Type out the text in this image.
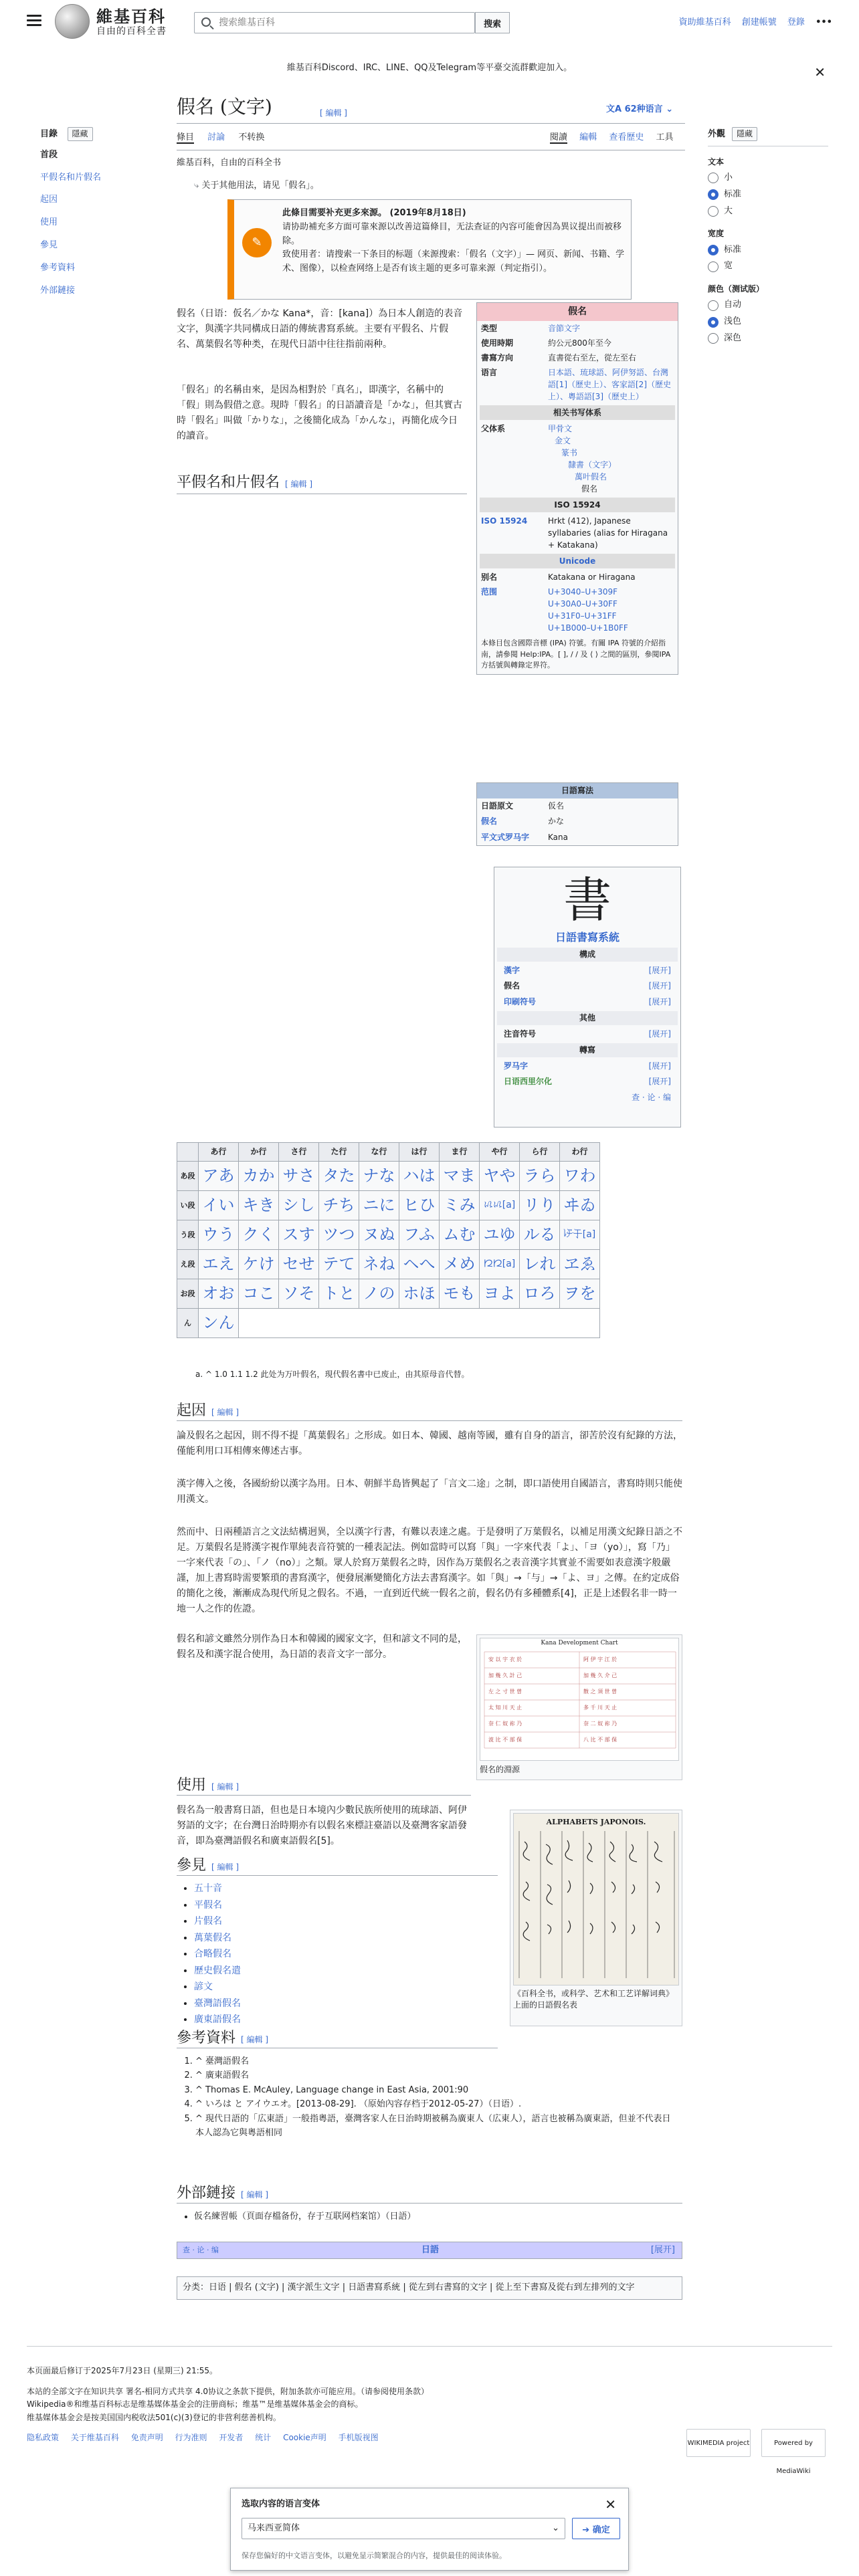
維基百科
自由的百科全書
搜索維基百科
搜索	資助維基百科 創建帳號 登錄 •••
維基百科Discord、IRC、LINE、QQ及Telegram等平臺交流群歡迎加入。	✕
目錄 隱藏
首段
平假名和片假名
起因
使用
參見
參考資料
外部鏈接
假名 (文字)	[ 編輯 ]	文A 62种语言 ⌄
條目 討論 不转换	閱讀 編輯 查看歷史 工具
維基百科，自由的百科全书
⤷ 关于其他用法，请见「假名」。
✎
此條目需要补充更多來源。 (2019年8月18日)
请协助補充多方面可靠來源以改善這篇條目，无法查证的內容可能會因為異议提出而被移除。
致使用者：请搜索一下条目的标题（来源搜索：「假名（文字）」— 网页、新闻、书籍、学术、图像），以检查网络上是否有该主题的更多可靠来源（判定指引）。
假名（日语：仮名／かな Kana*，音：[kana]）為日本人創造的表音文字，與漢字共同構成日語的傳統書寫系統。主要有平假名、片假名、萬葉假名等种类，在現代日語中往往指前兩种。
「假名」的名稱由來，是因為相對於「真名」，即漢字，名稱中的「假」則為假借之意。現時「假名」的日語讀音是「かな」，但其實古時「假名」叫做「かりな」，之後簡化成為「かんな」，再簡化成今日的讀音。
平假名和片假名 [ 編輯 ]
假名
类型	音節文字
使用時期	約公元800年至今
書寫方向	直書從右至左，從左至右
语言	日本語、琉球語、阿伊努語、台灣語[1]（歷史上）、客家語[2]（歷史上）、粵語語[3]（歷史上）
相关书写体系
父体系	甲骨文
金文
篆书
隸書（文字）
萬叶假名
假名
ISO 15924
ISO 15924	Hrkt (412), Japanese syllabaries (alias for Hiragana + Katakana)
Unicode
别名	Katakana or Hiragana
范围	U+3040–U+309F
U+30A0–U+30FF
U+31F0–U+31FF
U+1B000–U+1B0FF
本條目包含國際音標 (IPA) 符號。有關 IPA 符號的介紹指南，請參閱 Help:IPA。[ ], / / 及 ⟨ ⟩ 之間的區別，參閱IPA方括號與轉錄定界符。
日語寫法
日語原文	仮名
假名	かな
平文式罗马字	Kana
書
日語書寫系統
構成
漢字	[展开]
假名	[展开]
印刷符号	[展开]
其他
注音符号	[展开]
轉寫
罗马字	[展开]
日语西里尔化	[展开]
查 · 论 · 编
	あ行	か行	さ行	た行	な行	は行	ま行	や行	ら行	わ行
あ段	アあ	カか	サさ	タた	ナな	ハは	マま	ヤや	ラら	ワわ
い段	イい	キき	シし	チち	ニに	ヒひ	ミみ	𛀆𛀆[a]	リり	ヰゐ
う段	ウう	クく	スす	ツつ	ヌぬ	フふ	ムむ	ユゆ	ルる	𛄟𛄢[a]
え段	エえ	ケけ	セせ	テて	ネね	ヘへ	メめ	𛀁𛀁[a]	レれ	ヱゑ
お段	オお	コこ	ソそ	トと	ノの	ホほ	モも	ヨよ	ロろ	ヲを
ん	ンん									
a. ^ 1.0 1.1 1.2 此处为万叶假名，現代假名書中已废止，由其原母音代替。
起因 [ 編輯 ]
論及假名之起因，則不得不提「萬葉假名」之形成。如日本、韓國、越南等國，雖有自身的語言，卻苦於沒有紀錄的方法，僅能利用口耳相傳來傳述古事。
漢字傳入之後，各國紛紛以漢字為用。日本、朝鮮半島皆興起了「言文二途」之制，即口語使用自國語言，書寫時則只能使用漢文。
然而中、日兩種語言之文法結構迥異，全以漢字行書，有難以表達之處。于是發明了万葉假名，以補足用漢文紀錄日語之不足。万葉假名是將漢字視作單純表音符號的一種表記法。例如當時可以寫「與」一字來代表「よ」、「ヨ（yo）」，寫「乃」一字來代表「の」、「ノ（no）」之類。眾人於寫万葉假名之時，因作為万葉假名之表音漢字其實並不需要如表意漢字般嚴謹，加上書寫時需要繁瑣的書寫漢字，便發展漸變簡化方法去書寫漢字。如「與」→「与」→「よ、ヨ」之傳。在約定成俗的簡化之後，漸漸成為現代所見之假名。不過，一直到近代統一假名之前，假名仍有多種體系[4]，正是上述假名非一時一地一人之作的佐證。
假名和諺文雖然分別作為日本和韓國的國家文字，但和諺文不同的是，假名及和漢字混合使用，為日語的表音文字一部分。
Kana Development Chart
安 以 宇 衣 於	阿 伊 宇 江 於
加 幾 久 計 己	加 幾 久 介 己
左 之 寸 世 曽	散 之 須 世 曽
太 知 川 天 止	多 千 川 天 止
奈 仁 奴 祢 乃	奈 二 奴 祢 乃
波 比 不 部 保	八 比 不 部 保
假名的淵源
使用 [ 編輯 ]
假名為一般書寫日語，但也是日本境內少數民族所使用的琉球語、阿伊努語的文字；在台灣日治時期亦有以假名來標註臺語以及臺灣客家語發音，即為臺灣語假名和廣東語假名[5]。
ALPHABETS JAPONOIS.
《百科全书，或科学、艺术和工艺详解词典》上面的日語假名表
參見 [ 編輯 ]
• 五十音
• 平假名
• 片假名
• 萬葉假名
• 合略假名
• 歷史假名遣
• 諺文
• 臺灣語假名
• 廣東語假名
參考資料 [ 編輯 ]
1. ^ 臺灣語假名
2. ^ 廣東語假名
3. ^ Thomas E. McAuley, Language change in East Asia, 2001:90
4. ^ いろは と アイウエオ。[2013-08-29]. （原始內容存档于2012-05-27）（日语）.
5. ^ 現代日語的「広東語」一般指粵語，臺灣客家人在日治時期被稱為廣東人（広東人），語言也被稱為廣東語，但並不代表日本人認為它與粵語相同
外部鏈接 [ 編輯 ]
• 仮名練習帳（頁面存檔备份，存于互联网档案馆）（日語）
查 · 论 · 编	日語	[展开]
分类：日语 | 假名 (文字) | 漢字派生文字 | 日語書寫系統 | 從左到右書寫的文字 | 從上至下書寫及從右到左排列的文字
本页面最后修订于2025年7月23日 (星期三) 21:55。
本站的全部文字在知识共享 署名-相同方式共享 4.0协议之条款下提供，附加条款亦可能应用。（请参阅使用条款）
Wikipedia®和维基百科标志是维基媒体基金会的注册商标；维基™是维基媒体基金会的商标。
维基媒体基金会是按美国国内税收法501(c)(3)登记的非营利慈善机构。
隐私政策 关于维基百科 免责声明 行为准则 开发者 统计 Cookie声明 手机版视图
WIKIMEDIA project	Powered by MediaWiki
外觀 隱藏
文本
小
标准
大
宽度
标准
宽
颜色（测试版）
自动
浅色
深色
选取内容的语言变体	✕
马来西亚简体	⌄	➔ 确定
保存您偏好的中文语言变体，以避免显示简繁混合的内容，提供最佳的阅读体验。
